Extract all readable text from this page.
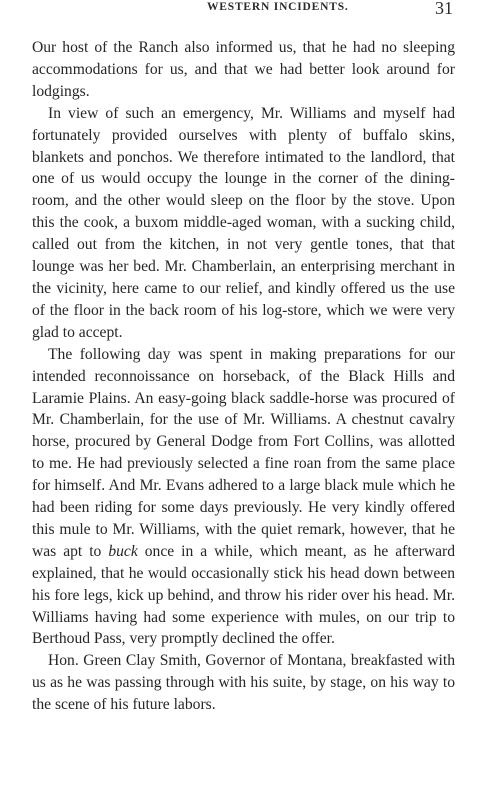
WESTERN INCIDENTS.	31

Our host of the Ranch also informed us, that he had no sleeping accommodations for us, and that we had better look around for lodgings.

In view of such an emergency, Mr. Williams and myself had fortunately provided ourselves with plenty of buffalo skins, blankets and ponchos. We therefore intimated to the landlord, that one of us would occupy the lounge in the corner of the dining-room, and the other would sleep on the floor by the stove. Upon this the cook, a buxom middle-aged woman, with a sucking child, called out from the kitchen, in not very gentle tones, that that lounge was her bed. Mr. Chamberlain, an enterprising merchant in the vicinity, here came to our relief, and kindly offered us the use of the floor in the back room of his log-store, which we were very glad to accept.

The following day was spent in making preparations for our intended reconnoissance on horseback, of the Black Hills and Laramie Plains. An easy-going black saddle-horse was procured of Mr. Chamberlain, for the use of Mr. Williams. A chestnut cavalry horse, procured by General Dodge from Fort Collins, was allotted to me. He had previously selected a fine roan from the same place for himself. And Mr. Evans adhered to a large black mule which he had been riding for some days previously. He very kindly offered this mule to Mr. Williams, with the quiet remark, however, that he was apt to buck once in a while, which meant, as he afterward explained, that he would occasionally stick his head down between his fore legs, kick up behind, and throw his rider over his head. Mr. Williams having had some experience with mules, on our trip to Berthoud Pass, very promptly declined the offer.

Hon. Green Clay Smith, Governor of Montana, breakfasted with us as he was passing through with his suite, by stage, on his way to the scene of his future labors.
